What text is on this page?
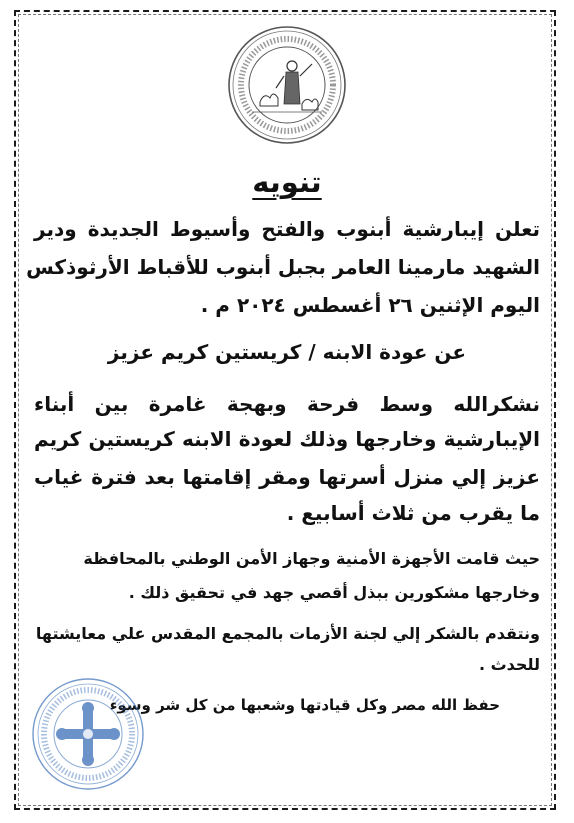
تنويه
تعلن إيبارشية أبنوب والفتح وأسيوط الجديدة ودير
الشهيد مارمينا العامر بجبل أبنوب للأقباط الأرثوذكس
اليوم الإثنين ٢٦ أغسطس ٢٠٢٤ م .
عن عودة الابنه / كريستين كريم عزيز
نشكرالله وسط فرحة وبهجة غامرة بين أبناء
الإيبارشية وخارجها وذلك لعودة الابنه كريستين كريم
عزيز إلي منزل أسرتها ومقر إقامتها بعد فترة غياب
ما يقرب من ثلاث أسابيع .
حيث قامت الأجهزة الأمنية وجهاز الأمن الوطني بالمحافظة
وخارجها مشكورين ببذل أقصي جهد في تحقيق ذلك .
ونتقدم بالشكر إلي لجنة الأزمات بالمجمع المقدس علي معايشتها
للحدث .
حفظ الله مصر وكل قيادتها وشعبها من كل شر وسوء
